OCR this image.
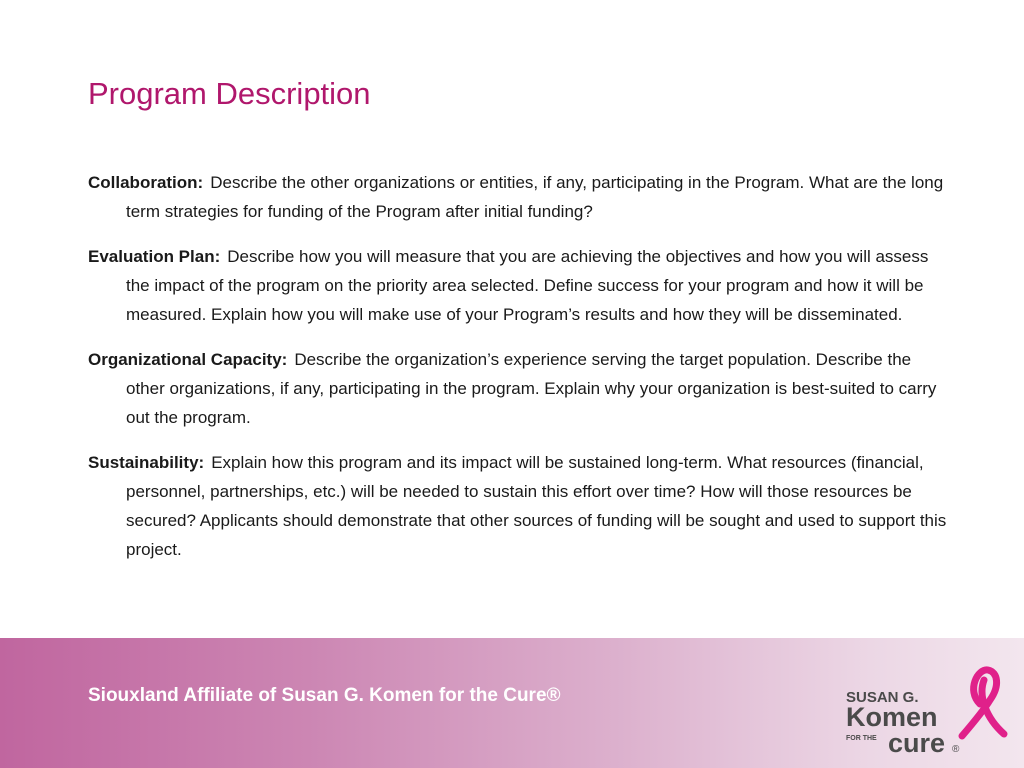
Program Description

Collaboration: Describe the other organizations or entities, if any, participating in the Program. What are the long term strategies for funding of the Program after initial funding?

Evaluation Plan: Describe how you will measure that you are achieving the objectives and how you will assess the impact of the program on the priority area selected. Define success for your program and how it will be measured. Explain how you will make use of your Program’s results and how they will be disseminated.

Organizational Capacity: Describe the organization’s experience serving the target population. Describe the other organizations, if any, participating in the program. Explain why your organization is best-suited to carry out the program.

Sustainability: Explain how this program and its impact will be sustained long-term. What resources (financial, personnel, partnerships, etc.) will be needed to sustain this effort over time? How will those resources be secured? Applicants should demonstrate that other sources of funding will be sought and used to support this project.

Siouxland Affiliate of Susan G. Komen for the Cure®	SUSAN G.
Komen
FOR THE cure ®
